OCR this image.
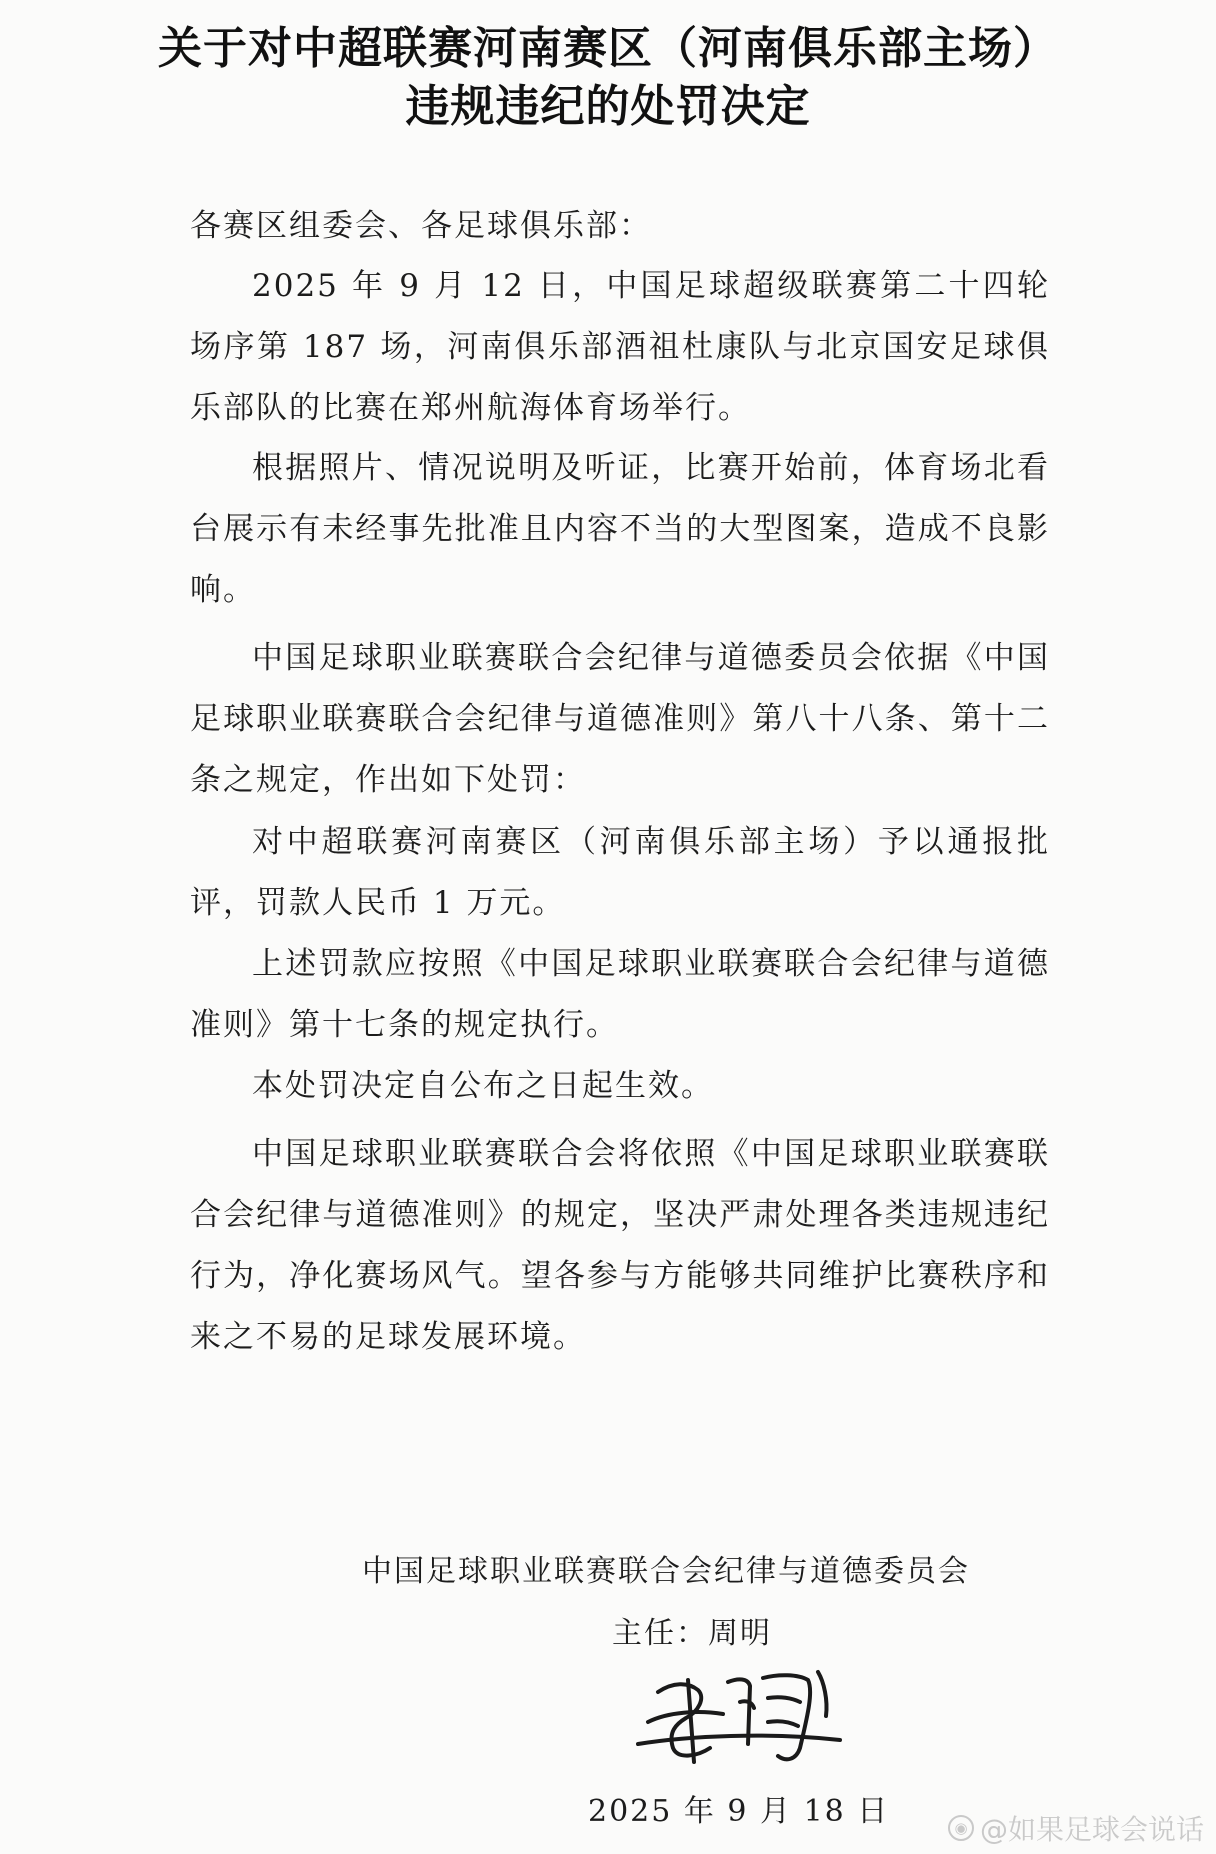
关于对中超联赛河南赛区（河南俱乐部主场）
违规违纪的处罚决定

各赛区组委会、各足球俱乐部：

2025 年 9 月 12 日，中国足球超级联赛第二十四轮场序第 187 场，河南俱乐部酒祖杜康队与北京国安足球俱乐部队的比赛在郑州航海体育场举行。

根据照片、情况说明及听证，比赛开始前，体育场北看台展示有未经事先批准且内容不当的大型图案，造成不良影响。

中国足球职业联赛联合会纪律与道德委员会依据《中国足球职业联赛联合会纪律与道德准则》第八十八条、第十二条之规定，作出如下处罚：

对中超联赛河南赛区（河南俱乐部主场）予以通报批评，罚款人民币 1 万元。

上述罚款应按照《中国足球职业联赛联合会纪律与道德准则》第十七条的规定执行。

本处罚决定自公布之日起生效。

中国足球职业联赛联合会将依照《中国足球职业联赛联合会纪律与道德准则》的规定，坚决严肃处理各类违规违纪行为，净化赛场风气。望各参与方能够共同维护比赛秩序和来之不易的足球发展环境。

中国足球职业联赛联合会纪律与道德委员会
主任：周明
2025 年 9 月 18 日	◉ @如果足球会说话
